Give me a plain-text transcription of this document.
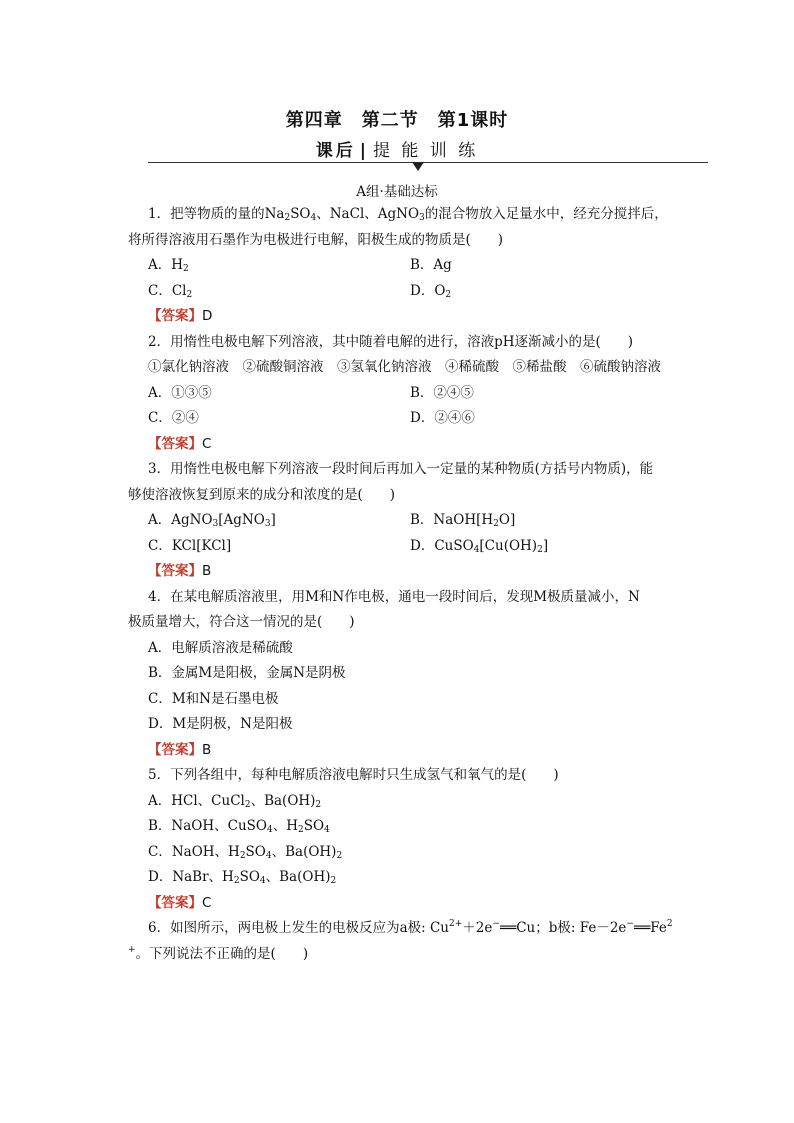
第四章　第二节　第1课时
课后 | 提 能 训 练
A组·基础达标
1．把等物质的量的$Na_2SO_4$、NaCl、AgNO$_3$的混合物放入足量水中，经充分搅拌后，
将所得溶液用石墨作为电极进行电解，阳极生成的物质是(　　)
A．$H_2$	B．Ag
C．$Cl_2$	D．$O_2$
【答案】D
2．用惰性电极电解下列溶液，其中随着电解的进行，溶液pH逐渐减小的是(　　)
①氯化钠溶液　②硫酸铜溶液　③氢氧化钠溶液　④稀硫酸　⑤稀盐酸　⑥硫酸钠溶液
A．①③⑤	B．②④⑤
C．②④	D．②④⑥
【答案】C
3．用惰性电极电解下列溶液一段时间后再加入一定量的某种物质(方括号内物质)，能
够使溶液恢复到原来的成分和浓度的是(　　)
A．AgNO$_3$[AgNO$_3$]	B．$NaOH[H_2O]$
C．KCl[KCl]	D．$CuSO_4[Cu(OH)_2]$
【答案】B
4．在某电解质溶液里，用M和N作电极，通电一段时间后，发现M极质量减小，N
极质量增大，符合这一情况的是(　　)
A．电解质溶液是稀硫酸
B．金属M是阳极，金属N是阴极
C．M和N是石墨电极
D．M是阴极，N是阳极
【答案】B
5．下列各组中，每种电解质溶液电解时只生成氢气和氧气的是(　　)
A．HCl、CuCl$_2$、$Ba(OH)_2$
B．NaOH、CuSO$_4$、$H_2SO_4$
C．NaOH、$H_2SO_4$、$Ba(OH)_2$
D．NaBr、$H_2SO_4$、$Ba(OH)_2$
【答案】C
6．如图所示，两电极上发生的电极反应为a极: $Cu^{2+}+2e^-══Cu$；b极: $Fe-2e^-══Fe^2$
+。下列说法不正确的是(　　)
